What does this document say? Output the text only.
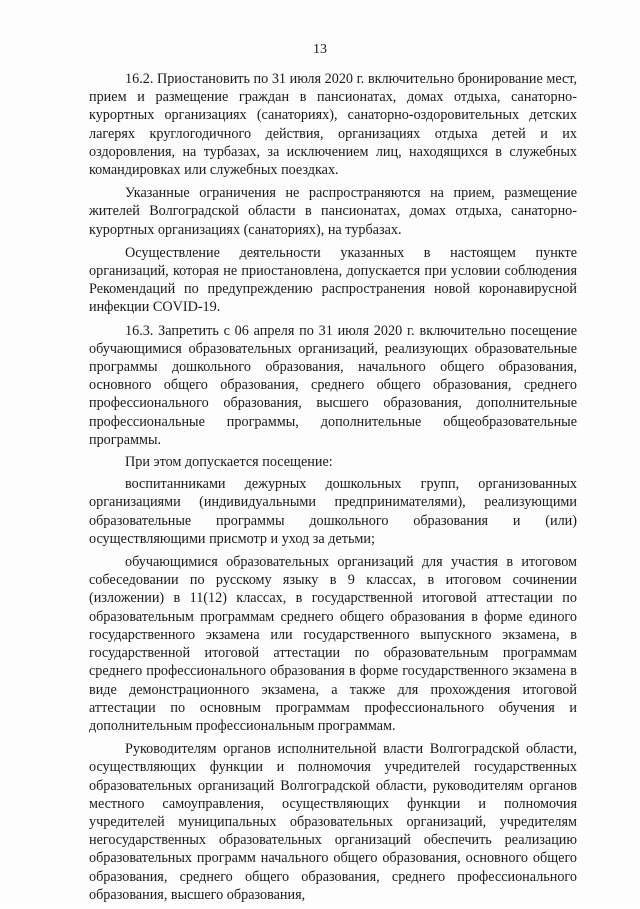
13

16.2. Приостановить по 31 июля 2020 г. включительно бронирование мест, прием и размещение граждан в пансионатах, домах отдыха, санаторно-курортных организациях (санаториях), санаторно-оздоровительных детских лагерях круглогодичного действия, организациях отдыха детей и их оздоровления, на турбазах, за исключением лиц, находящихся в служебных командировках или служебных поездках.

Указанные ограничения не распространяются на прием, размещение жителей Волгоградской области в пансионатах, домах отдыха, санаторно-курортных организациях (санаториях), на турбазах.

Осуществление деятельности указанных в настоящем пункте организаций, которая не приостановлена, допускается при условии соблюдения Рекомендаций по предупреждению распространения новой коронавирусной инфекции COVID-19.

16.3. Запретить с 06 апреля по 31 июля 2020 г. включительно посещение обучающимися образовательных организаций, реализующих образовательные программы дошкольного образования, начального общего образования, основного общего образования, среднего общего образования, среднего профессионального образования, высшего образования, дополнительные профессиональные программы, дополнительные общеобразовательные программы.

При этом допускается посещение:

воспитанниками дежурных дошкольных групп, организованных организациями (индивидуальными предпринимателями), реализующими образовательные программы дошкольного образования и (или) осуществляющими присмотр и уход за детьми;

обучающимися образовательных организаций для участия в итоговом собеседовании по русскому языку в 9 классах, в итоговом сочинении (изложении) в 11(12) классах, в государственной итоговой аттестации по образовательным программам среднего общего образования в форме единого государственного экзамена или государственного выпускного экзамена, в государственной итоговой аттестации по образовательным программам среднего профессионального образования в форме государственного экзамена в виде демонстрационного экзамена, а также для прохождения итоговой аттестации по основным программам профессионального обучения и дополнительным профессиональным программам.

Руководителям органов исполнительной власти Волгоградской области, осуществляющих функции и полномочия учредителей государственных образовательных организаций Волгоградской области, руководителям органов местного самоуправления, осуществляющих функции и полномочия учредителей муниципальных образовательных организаций, учредителям негосударственных образовательных организаций обеспечить реализацию образовательных программ начального общего образования, основного общего образования, среднего общего образования, среднего профессионального образования, высшего образования,
